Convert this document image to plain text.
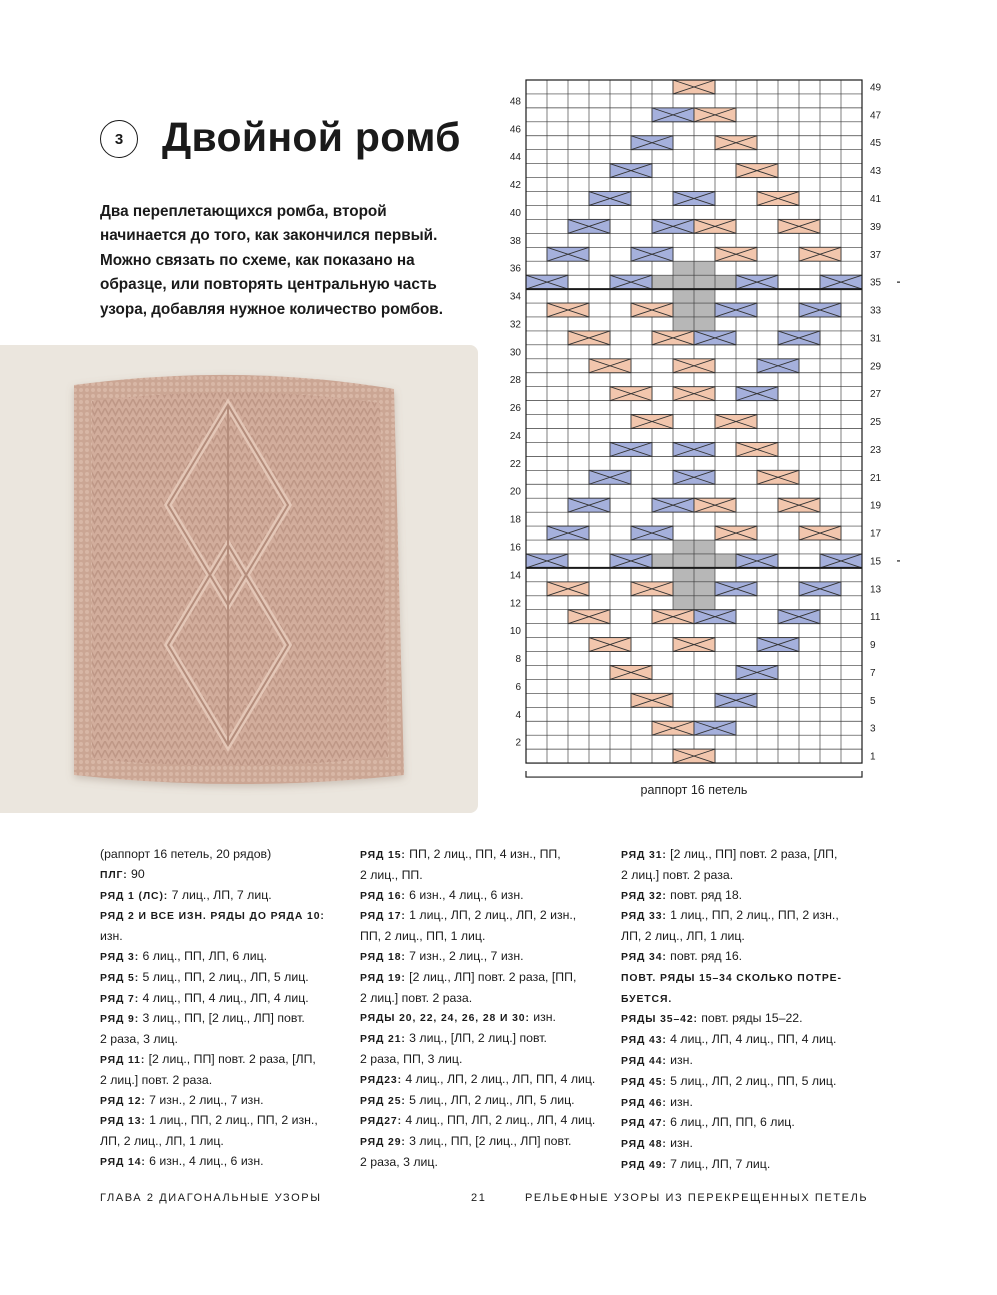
3 Двойной ромб
Два переплетающихся ромба, второй
начинается до того, как закончился первый.
Можно связать по схеме, как показано на
образце, или повторять центральную часть
узора, добавляя нужное количество ромбов.
48
46
44
42
40
38
36
34
32
30
28
26
24
22
20
18
16
14
12
10
8
6
4
2
49
47
45
43
41
39
37
35
33
31
29
27
25
23
21
19
17
15
13
11
9
7
5
3
1
раппорт 16 петель
(раппорт 16 петель, 20 рядов)
ПЛГ: 90
РЯД 1 (ЛС): 7 лиц., ЛП, 7 лиц.
РЯД 2 И ВСЕ ИЗН. РЯДЫ ДО РЯДА 10:
изн.
РЯД 3: 6 лиц., ПП, ЛП, 6 лиц.
РЯД 5: 5 лиц., ПП, 2 лиц., ЛП, 5 лиц.
РЯД 7: 4 лиц., ПП, 4 лиц., ЛП, 4 лиц.
РЯД 9: 3 лиц., ПП, [2 лиц., ЛП] повт.
2 раза, 3 лиц.
РЯД 11: [2 лиц., ПП] повт. 2 раза, [ЛП,
2 лиц.] повт. 2 раза.
РЯД 12: 7 изн., 2 лиц., 7 изн.
РЯД 13: 1 лиц., ПП, 2 лиц., ПП, 2 изн.,
ЛП, 2 лиц., ЛП, 1 лиц.
РЯД 14: 6 изн., 4 лиц., 6 изн.
РЯД 15: ПП, 2 лиц., ПП, 4 изн., ПП,
2 лиц., ПП.
РЯД 16: 6 изн., 4 лиц., 6 изн.
РЯД 17: 1 лиц., ЛП, 2 лиц., ЛП, 2 изн.,
ПП, 2 лиц., ПП, 1 лиц.
РЯД 18: 7 изн., 2 лиц., 7 изн.
РЯД 19: [2 лиц., ЛП] повт. 2 раза, [ПП,
2 лиц.] повт. 2 раза.
РЯДЫ 20, 22, 24, 26, 28 И 30: изн.
РЯД 21: 3 лиц., [ЛП, 2 лиц.] повт.
2 раза, ПП, 3 лиц.
РЯД23: 4 лиц., ЛП, 2 лиц., ЛП, ПП, 4 лиц.
РЯД 25: 5 лиц., ЛП, 2 лиц., ЛП, 5 лиц.
РЯД27: 4 лиц., ПП, ЛП, 2 лиц., ЛП, 4 лиц.
РЯД 29: 3 лиц., ПП, [2 лиц., ЛП] повт.
2 раза, 3 лиц.
РЯД 31: [2 лиц., ПП] повт. 2 раза, [ЛП,
2 лиц.] повт. 2 раза.
РЯД 32: повт. ряд 18.
РЯД 33: 1 лиц., ПП, 2 лиц., ПП, 2 изн.,
ЛП, 2 лиц., ЛП, 1 лиц.
РЯД 34: повт. ряд 16.
ПОВТ. РЯДЫ 15–34 СКОЛЬКО ПОТРЕ-
БУЕТСЯ.
РЯДЫ 35–42: повт. ряды 15–22.
РЯД 43: 4 лиц., ЛП, 4 лиц., ПП, 4 лиц.
РЯД 44: изн.
РЯД 45: 5 лиц., ЛП, 2 лиц., ПП, 5 лиц.
РЯД 46: изн.
РЯД 47: 6 лиц., ЛП, ПП, 6 лиц.
РЯД 48: изн.
РЯД 49: 7 лиц., ЛП, 7 лиц.
ГЛАВА 2 ДИАГОНАЛЬНЫЕ УЗОРЫ	21	РЕЛЬЕФНЫЕ УЗОРЫ ИЗ ПЕРЕКРЕЩЕННЫХ ПЕТЕЛЬ
